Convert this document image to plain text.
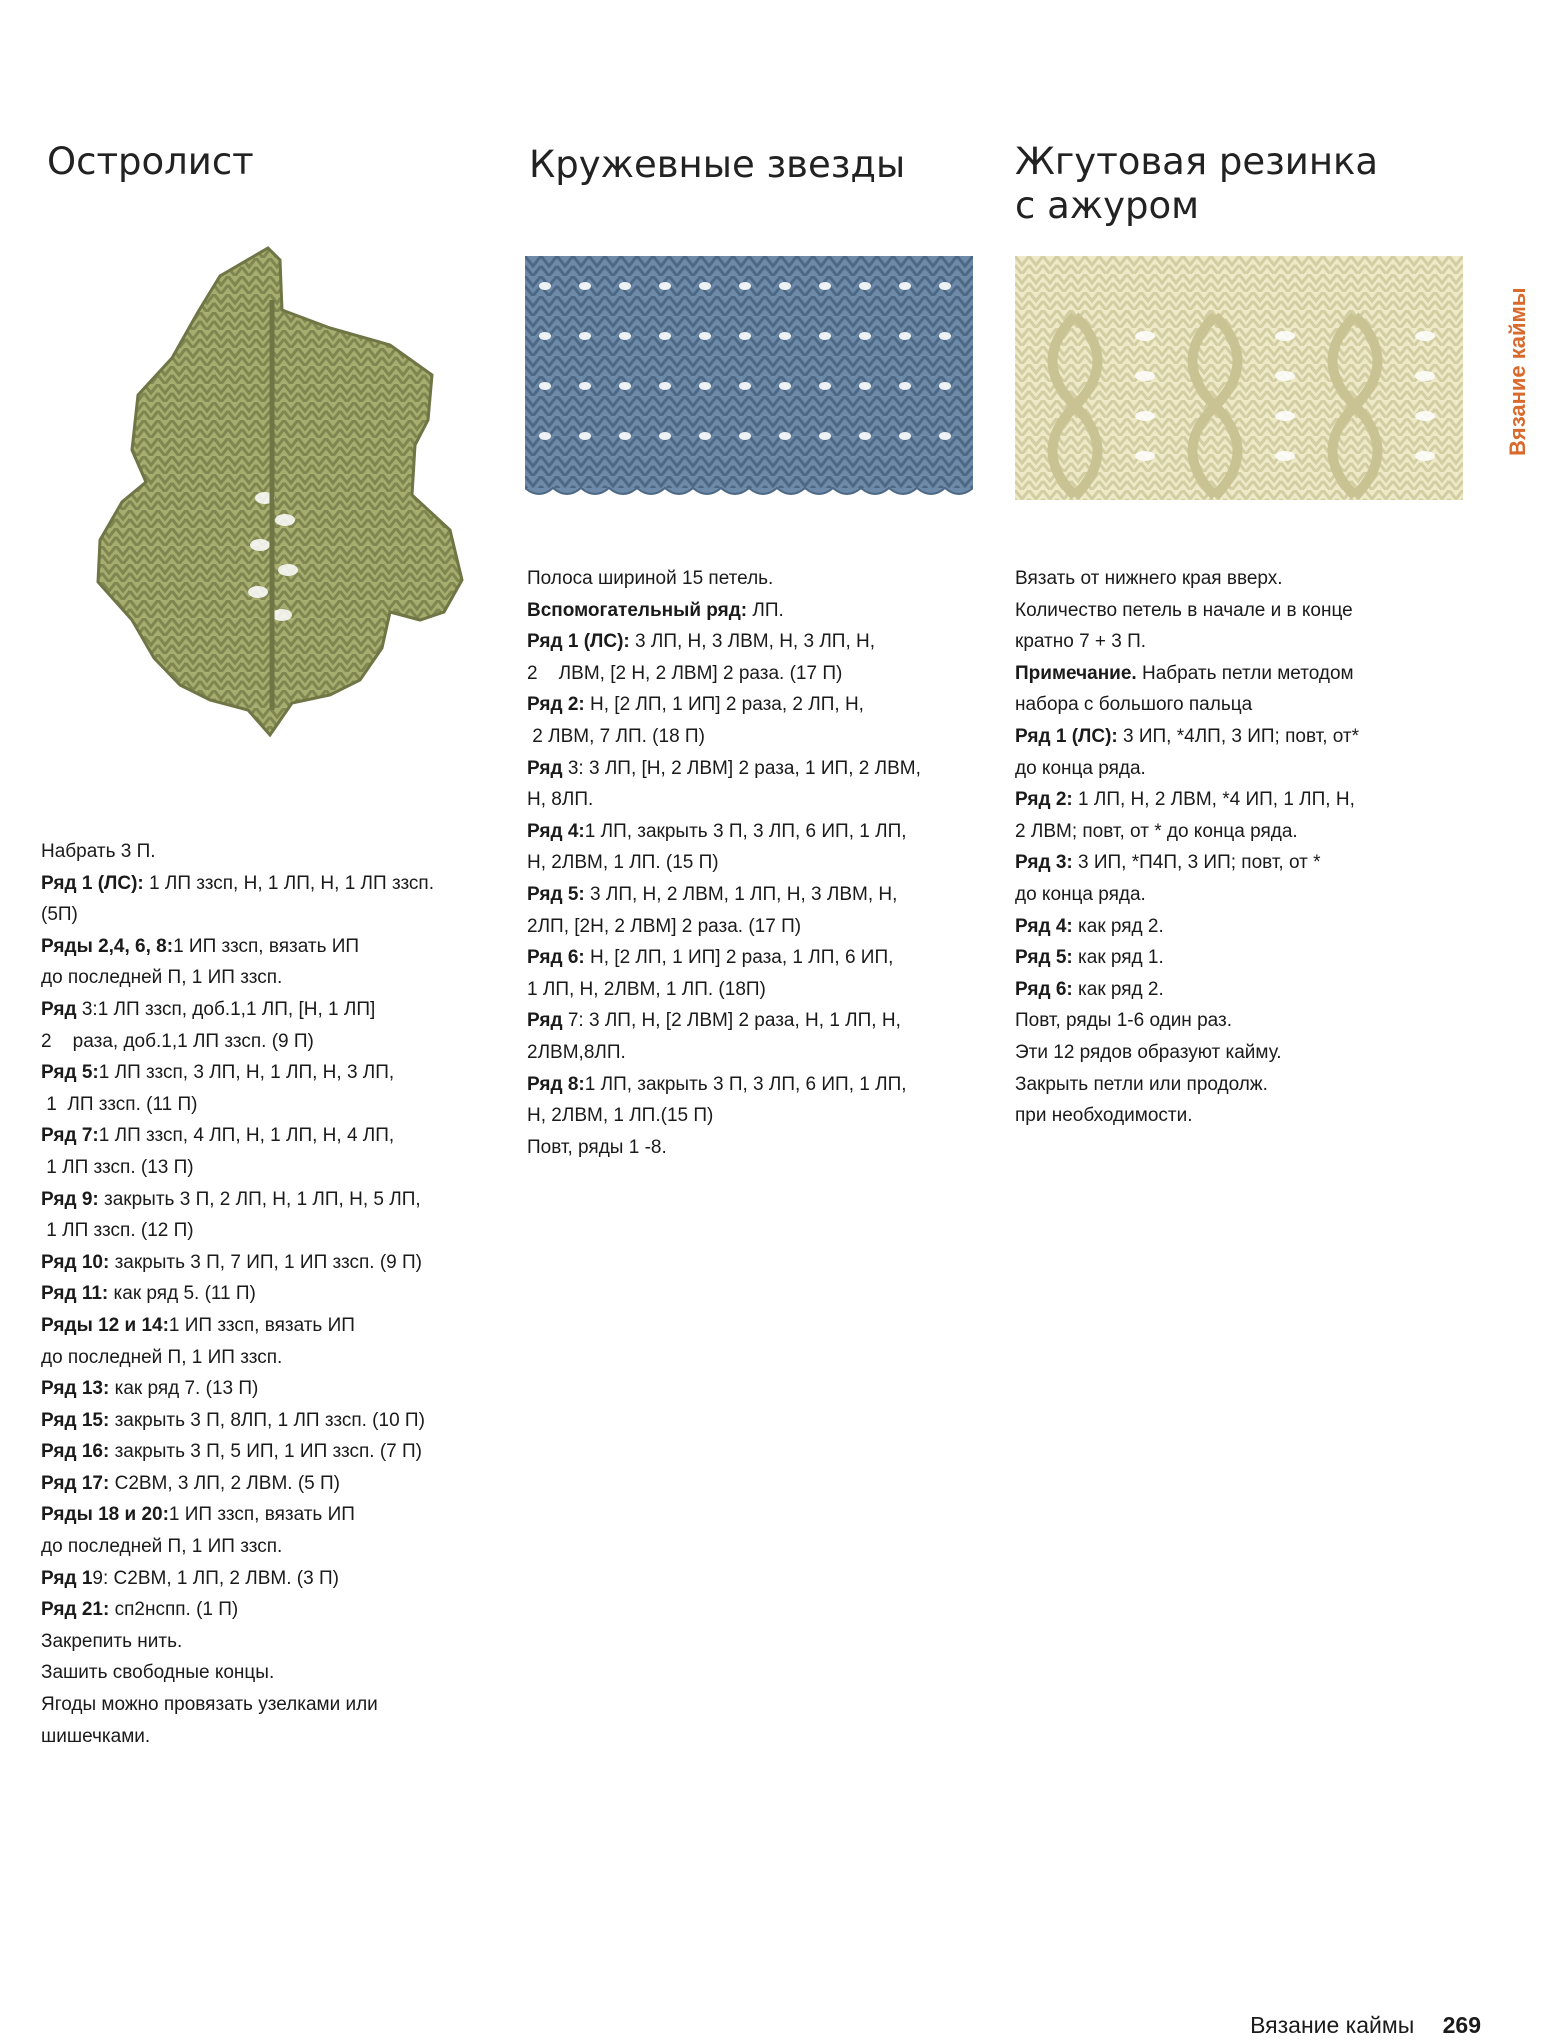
Остролист	Кружевные звезды	Жгутовая резинка
с ажуром
Набрать 3 П.
Ряд 1 (ЛС): 1 ЛП ззсп, Н, 1 ЛП, Н, 1 ЛП ззсп.
(5П)
Ряды 2,4, 6, 8:1 ИП ззсп, вязать ИП
до последней П, 1 ИП ззсп.
Ряд 3:1 ЛП ззсп, доб.1,1 ЛП, [Н, 1 ЛП]
2    раза, доб.1,1 ЛП ззсп. (9 П)
Ряд 5:1 ЛП ззсп, 3 ЛП, Н, 1 ЛП, Н, 3 ЛП,
1  ЛП ззсп. (11 П)
Ряд 7:1 ЛП ззсп, 4 ЛП, Н, 1 ЛП, Н, 4 ЛП,
1 ЛП ззсп. (13 П)
Ряд 9: закрыть 3 П, 2 ЛП, Н, 1 ЛП, Н, 5 ЛП,
1 ЛП ззсп. (12 П)
Ряд 10: закрыть 3 П, 7 ИП, 1 ИП ззсп. (9 П)
Ряд 11: как ряд 5. (11 П)
Ряды 12 и 14:1 ИП ззсп, вязать ИП
до последней П, 1 ИП ззсп.
Ряд 13: как ряд 7. (13 П)
Ряд 15: закрыть 3 П, 8ЛП, 1 ЛП ззсп. (10 П)
Ряд 16: закрыть 3 П, 5 ИП, 1 ИП ззсп. (7 П)
Ряд 17: С2ВМ, 3 ЛП, 2 ЛВМ. (5 П)
Ряды 18 и 20:1 ИП ззсп, вязать ИП
до последней П, 1 ИП ззсп.
Ряд 19: С2ВМ, 1 ЛП, 2 ЛВМ. (3 П)
Ряд 21: сп2нспп. (1 П)
Закрепить нить.
Зашить свободные концы.
Ягоды можно провязать узелками или
шишечками.
Полоса шириной 15 петель.
Вспомогательный ряд: ЛП.
Ряд 1 (ЛС): 3 ЛП, Н, 3 ЛВМ, Н, 3 ЛП, Н,
2    ЛВМ, [2 Н, 2 ЛВМ] 2 раза. (17 П)
Ряд 2: Н, [2 ЛП, 1 ИП] 2 раза, 2 ЛП, Н,
2 ЛВМ, 7 ЛП. (18 П)
Ряд 3: 3 ЛП, [Н, 2 ЛВМ] 2 раза, 1 ИП, 2 ЛВМ,
Н, 8ЛП.
Ряд 4:1 ЛП, закрыть 3 П, 3 ЛП, 6 ИП, 1 ЛП,
Н, 2ЛВМ, 1 ЛП. (15 П)
Ряд 5: 3 ЛП, Н, 2 ЛВМ, 1 ЛП, Н, 3 ЛВМ, Н,
2ЛП, [2Н, 2 ЛВМ] 2 раза. (17 П)
Ряд 6: Н, [2 ЛП, 1 ИП] 2 раза, 1 ЛП, 6 ИП,
1 ЛП, Н, 2ЛВМ, 1 ЛП. (18П)
Ряд 7: 3 ЛП, Н, [2 ЛВМ] 2 раза, Н, 1 ЛП, Н,
2ЛВМ,8ЛП.
Ряд 8:1 ЛП, закрыть 3 П, 3 ЛП, 6 ИП, 1 ЛП,
Н, 2ЛВМ, 1 ЛП.(15 П)
Повт, ряды 1 -8.
Вязать от нижнего края вверх.
Количество петель в начале и в конце
кратно 7 + 3 П.
Примечание. Набрать петли методом
набора с большого пальца
Ряд 1 (ЛС): 3 ИП, *4ЛП, 3 ИП; повт, от*
до конца ряда.
Ряд 2: 1 ЛП, Н, 2 ЛВМ, *4 ИП, 1 ЛП, Н,
2 ЛВМ; повт, от * до конца ряда.
Ряд 3: 3 ИП, *П4П, 3 ИП; повт, от *
до конца ряда.
Ряд 4: как ряд 2.
Ряд 5: как ряд 1.
Ряд 6: как ряд 2.
Повт, ряды 1-6 один раз.
Эти 12 рядов образуют кайму.
Закрыть петли или продолж.
при необходимости.
Вязание каймы
Вязание каймы 269
